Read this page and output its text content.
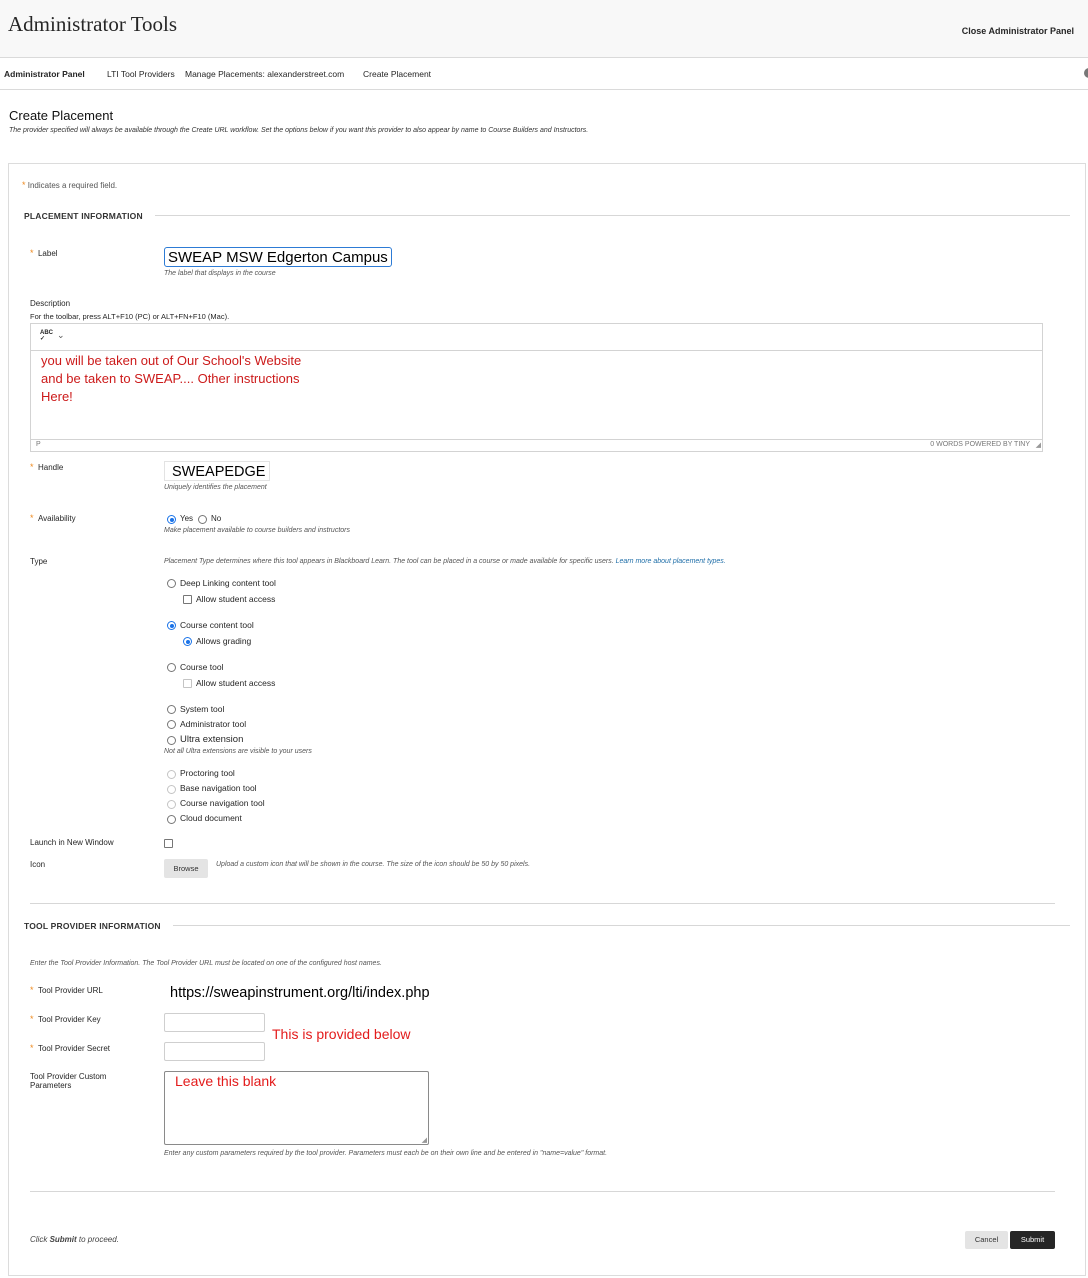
Administrator Tools	Close Administrator Panel
Administrator Panel	LTI Tool Providers Manage Placements: alexanderstreet.com Create Placement
Create Placement
The provider specified will always be available through the Create URL workflow. Set the options below if you want this provider to also appear by name to Course Builders and Instructors.
* Indicates a required field.
PLACEMENT INFORMATION
* Label	SWEAP MSW Edgerton Campus
The label that displays in the course
Description
For the toolbar, press ALT+F10 (PC) or ALT+FN+F10 (Mac).
ABC
✓	⌄
you will be taken out of Our School's Website
and be taken to SWEAP.... Other instructions
Here!
P	0 WORDS POWERED BY TINY ◢
* Handle	SWEAPEDGE
Uniquely identifies the placement
* Availability	Yes No
Make placement available to course builders and instructors
Type	Placement Type determines where this tool appears in Blackboard Learn. The tool can be placed in a course or made available for specific users. Learn more about placement types.
Deep Linking content tool
Allow student access
Course content tool
Allows grading
Course tool
Allow student access
System tool
Administrator tool
Ultra extension
Not all Ultra extensions are visible to your users
Proctoring tool
Base navigation tool
Course navigation tool
Cloud document
Launch in New Window
Icon	Browse	Upload a custom icon that will be shown in the course. The size of the icon should be 50 by 50 pixels.
TOOL PROVIDER INFORMATION
Enter the Tool Provider Information. The Tool Provider URL must be located on one of the configured host names.
* Tool Provider URL	https://sweapinstrument.org/lti/index.php
* Tool Provider Key
This is provided below
* Tool Provider Secret
Tool Provider Custom
Parameters	Leave this blank
◢
Enter any custom parameters required by the tool provider. Parameters must each be on their own line and be entered in "name=value" format.
Click Submit to proceed.	Cancel	Submit
